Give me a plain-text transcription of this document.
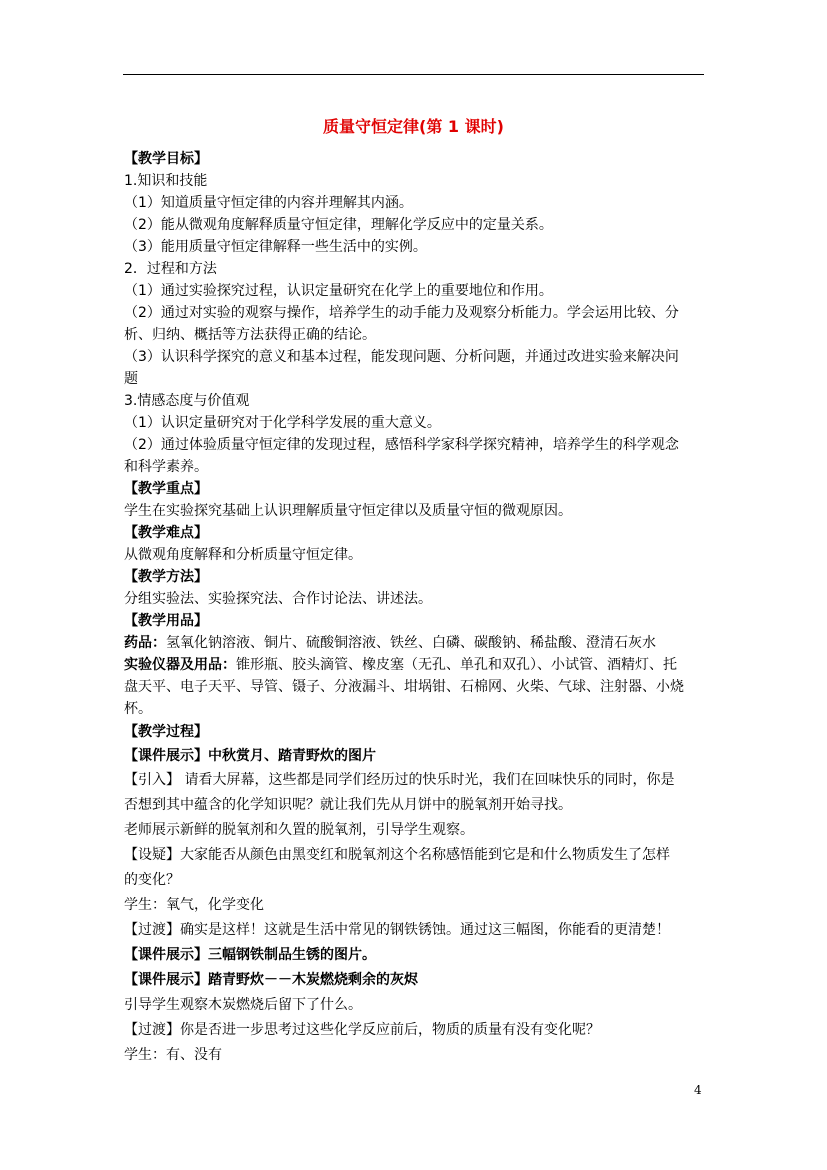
质量守恒定律(第 1 课时)
【教学目标】
1.知识和技能
（1）知道质量守恒定律的内容并理解其内涵。
（2）能从微观角度解释质量守恒定律，理解化学反应中的定量关系。
（3）能用质量守恒定律解释一些生活中的实例。
2．过程和方法
（1）通过实验探究过程，认识定量研究在化学上的重要地位和作用。
（2）通过对实验的观察与操作，培养学生的动手能力及观察分析能力。学会运用比较、分
析、归纳、概括等方法获得正确的结论。
（3）认识科学探究的意义和基本过程，能发现问题、分析问题，并通过改进实验来解决问
题
3.情感态度与价值观
（1）认识定量研究对于化学科学发展的重大意义。
（2）通过体验质量守恒定律的发现过程，感悟科学家科学探究精神，培养学生的科学观念
和科学素养。
【教学重点】
学生在实验探究基础上认识理解质量守恒定律以及质量守恒的微观原因。
【教学难点】
从微观角度解释和分析质量守恒定律。
【教学方法】
分组实验法、实验探究法、合作讨论法、讲述法。
【教学用品】
药品：氢氧化钠溶液、铜片、硫酸铜溶液、铁丝、白磷、碳酸钠、稀盐酸、澄清石灰水
实验仪器及用品：锥形瓶、胶头滴管、橡皮塞（无孔、单孔和双孔）、小试管、酒精灯、托
盘天平、电子天平、导管、镊子、分液漏斗、坩埚钳、石棉网、火柴、气球、注射器、小烧
杯。
【教学过程】
【课件展示】中秋赏月、踏青野炊的图片
【引入】 请看大屏幕，这些都是同学们经历过的快乐时光，我们在回味快乐的同时，你是
否想到其中蕴含的化学知识呢？就让我们先从月饼中的脱氧剂开始寻找。
老师展示新鲜的脱氧剂和久置的脱氧剂，引导学生观察。
【设疑】大家能否从颜色由黑变红和脱氧剂这个名称感悟能到它是和什么物质发生了怎样
的变化？
学生：氧气，化学变化
【过渡】确实是这样！这就是生活中常见的钢铁锈蚀。通过这三幅图，你能看的更清楚！
【课件展示】三幅钢铁制品生锈的图片。
【课件展示】踏青野炊－－木炭燃烧剩余的灰烬
引导学生观察木炭燃烧后留下了什么。
【过渡】你是否进一步思考过这些化学反应前后，物质的质量有没有变化呢？
学生：有、没有
4
